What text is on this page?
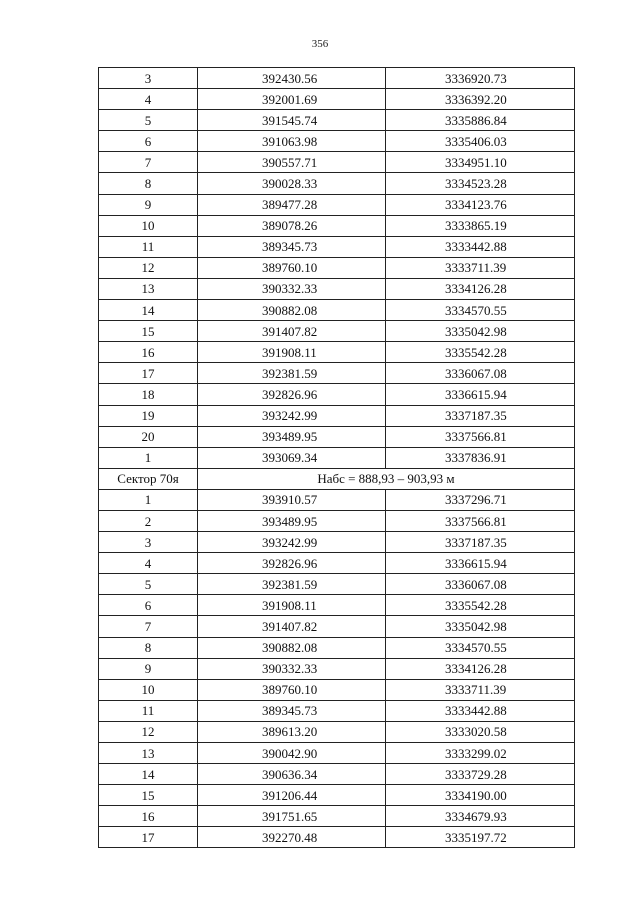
356
3	392430.56	3336920.73
4	392001.69	3336392.20
5	391545.74	3335886.84
6	391063.98	3335406.03
7	390557.71	3334951.10
8	390028.33	3334523.28
9	389477.28	3334123.76
10	389078.26	3333865.19
11	389345.73	3333442.88
12	389760.10	3333711.39
13	390332.33	3334126.28
14	390882.08	3334570.55
15	391407.82	3335042.98
16	391908.11	3335542.28
17	392381.59	3336067.08
18	392826.96	3336615.94
19	393242.99	3337187.35
20	393489.95	3337566.81
1	393069.34	3337836.91
Сектор 70я	Набс = 888,93 – 903,93 м	
1	393910.57	3337296.71
2	393489.95	3337566.81
3	393242.99	3337187.35
4	392826.96	3336615.94
5	392381.59	3336067.08
6	391908.11	3335542.28
7	391407.82	3335042.98
8	390882.08	3334570.55
9	390332.33	3334126.28
10	389760.10	3333711.39
11	389345.73	3333442.88
12	389613.20	3333020.58
13	390042.90	3333299.02
14	390636.34	3333729.28
15	391206.44	3334190.00
16	391751.65	3334679.93
17	392270.48	3335197.72
